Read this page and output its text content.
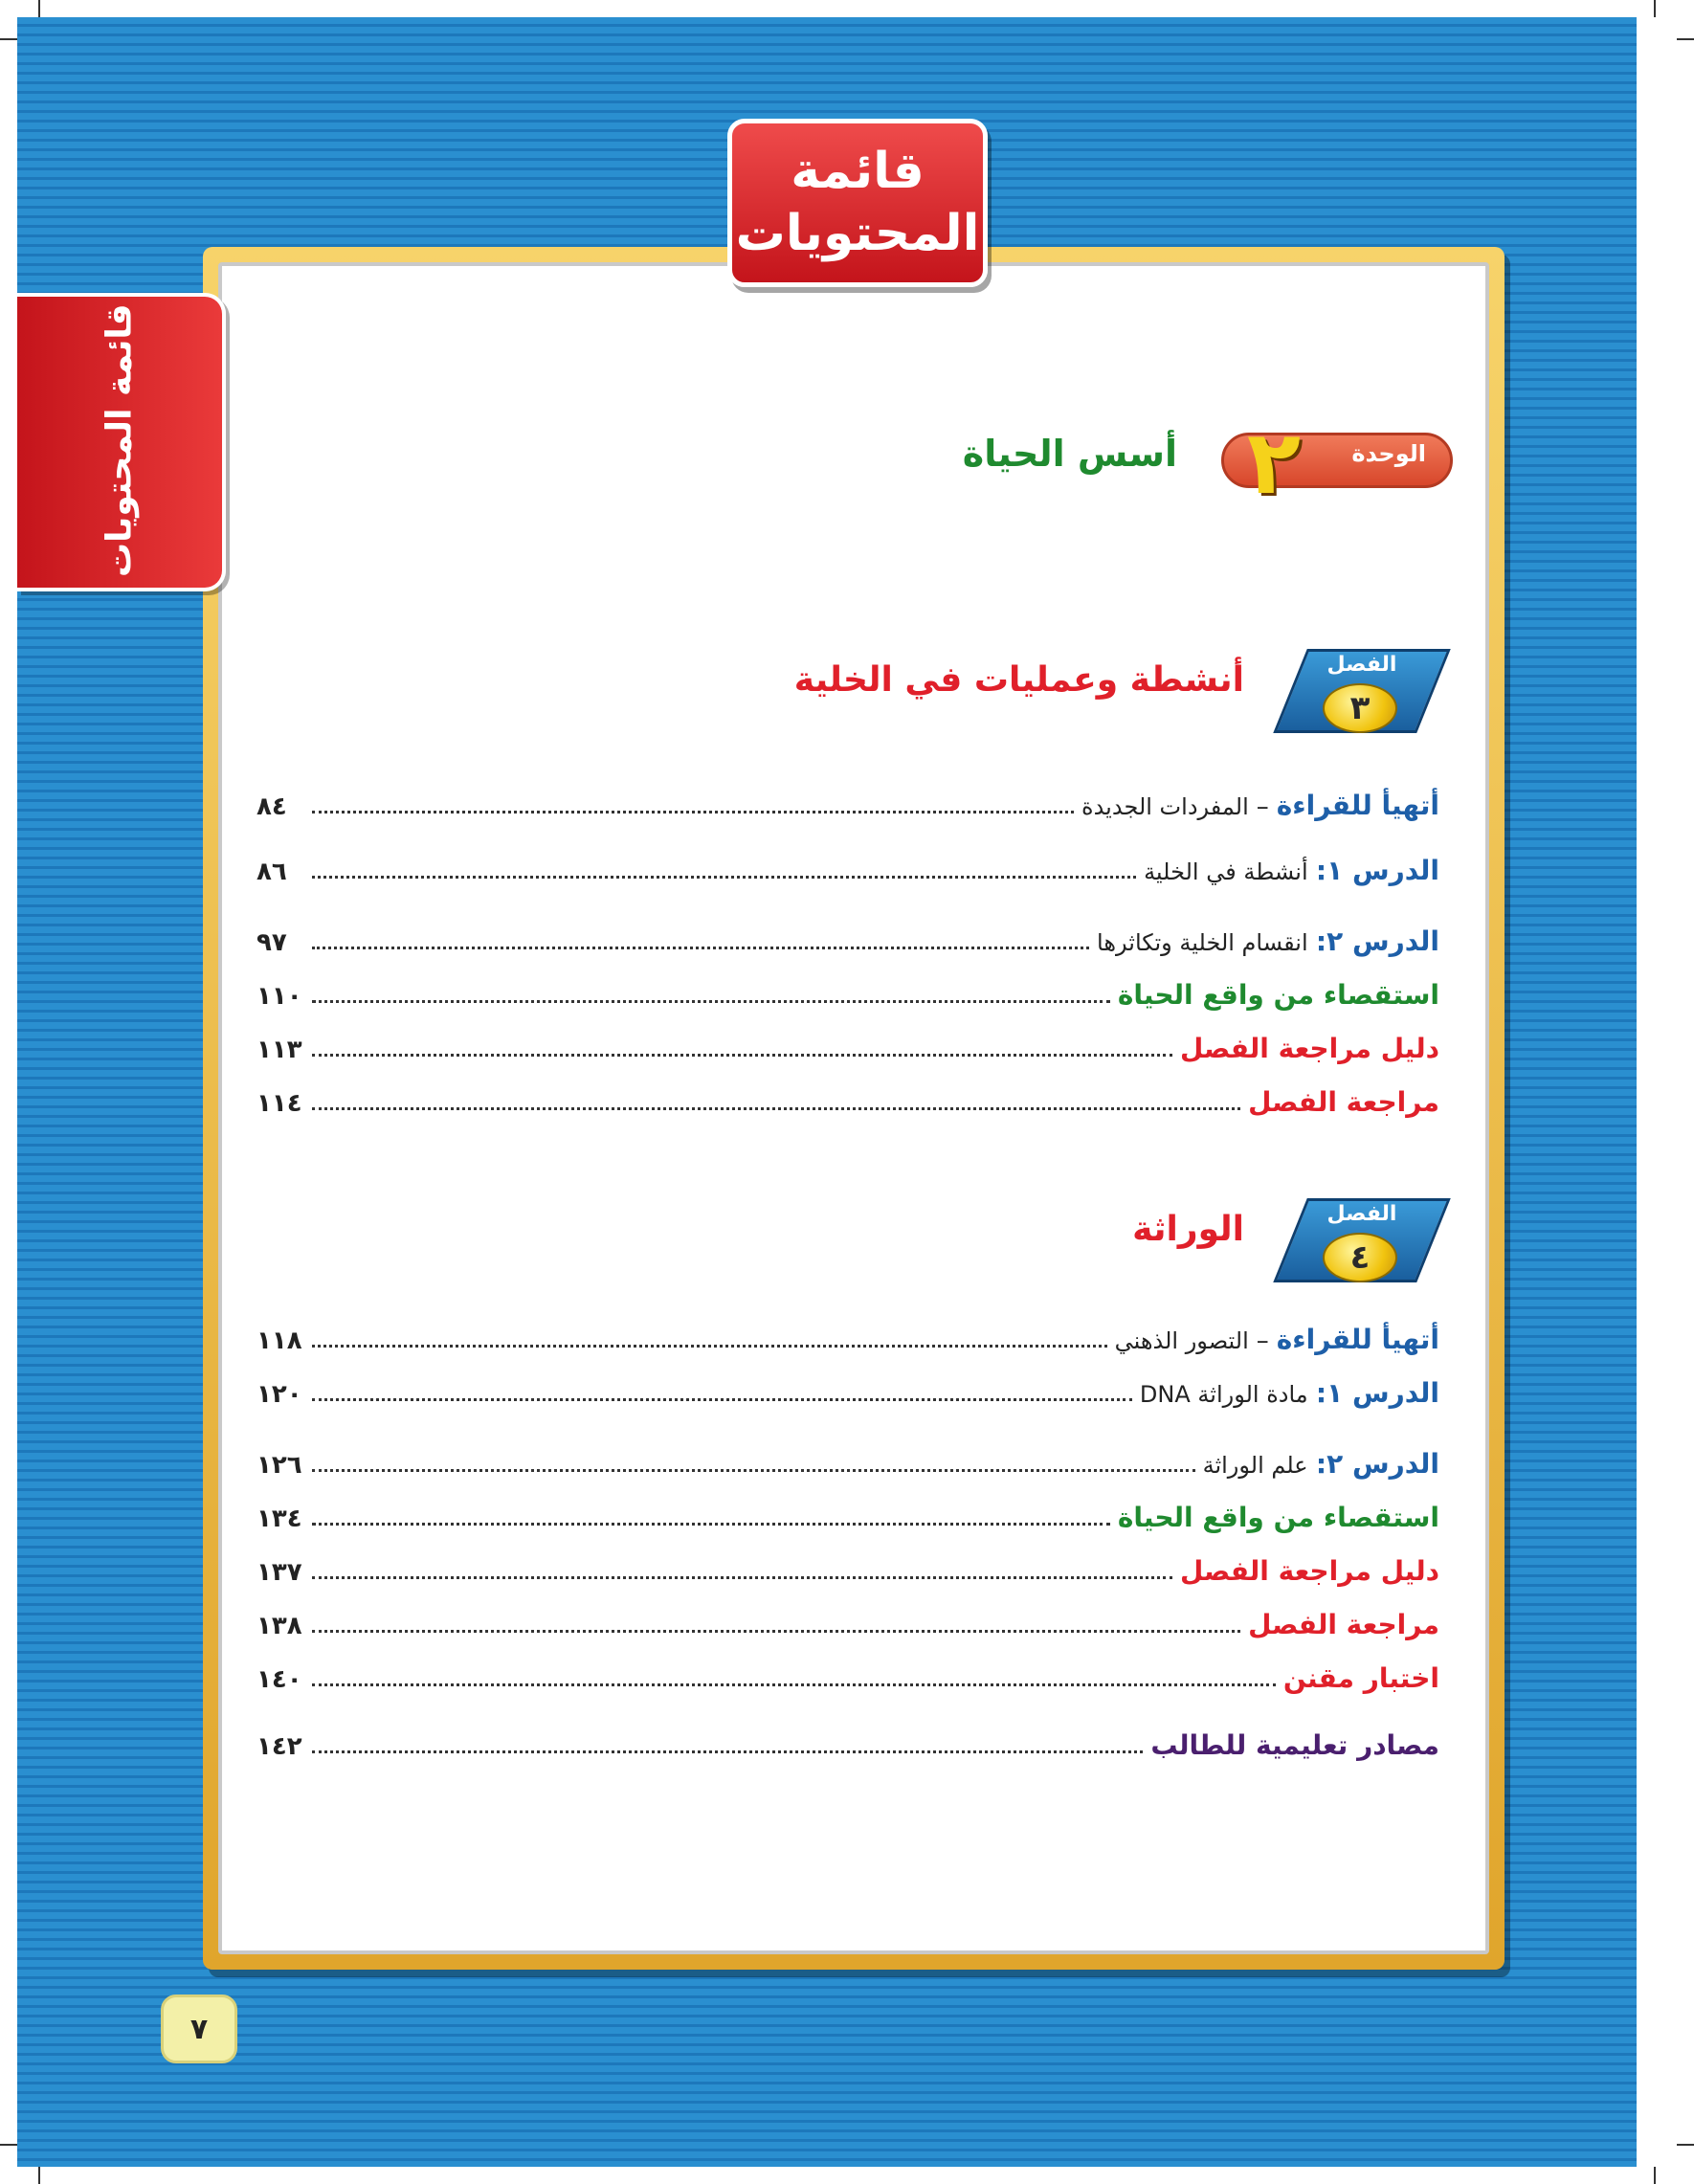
قائمة
المحتويات
قائمة المحتويات	٢	الوحدة
أسس الحياة
الفصل
٣
أنشطة وعمليات في الخلية
أتهيأ للقراءة–المفردات الجديدة
٨٤
الدرس ١: أنشطة في الخلية
٨٦
الدرس ٢: انقسام الخلية وتكاثرها
٩٧
استقصاء من واقع الحياة
١١٠
دليل مراجعة الفصل
١١٣
مراجعة الفصل
١١٤
الفصل
٤
الوراثة
أتهيأ للقراءة–التصور الذهني
١١٨
الدرس ١: مادة الوراثة DNA
١٢٠
الدرس ٢: علم الوراثة
١٢٦
استقصاء من واقع الحياة
١٣٤
دليل مراجعة الفصل
١٣٧
مراجعة الفصل
١٣٨
اختبار مقنن
١٤٠
مصادر تعليمية للطالب
١٤٢
٧
